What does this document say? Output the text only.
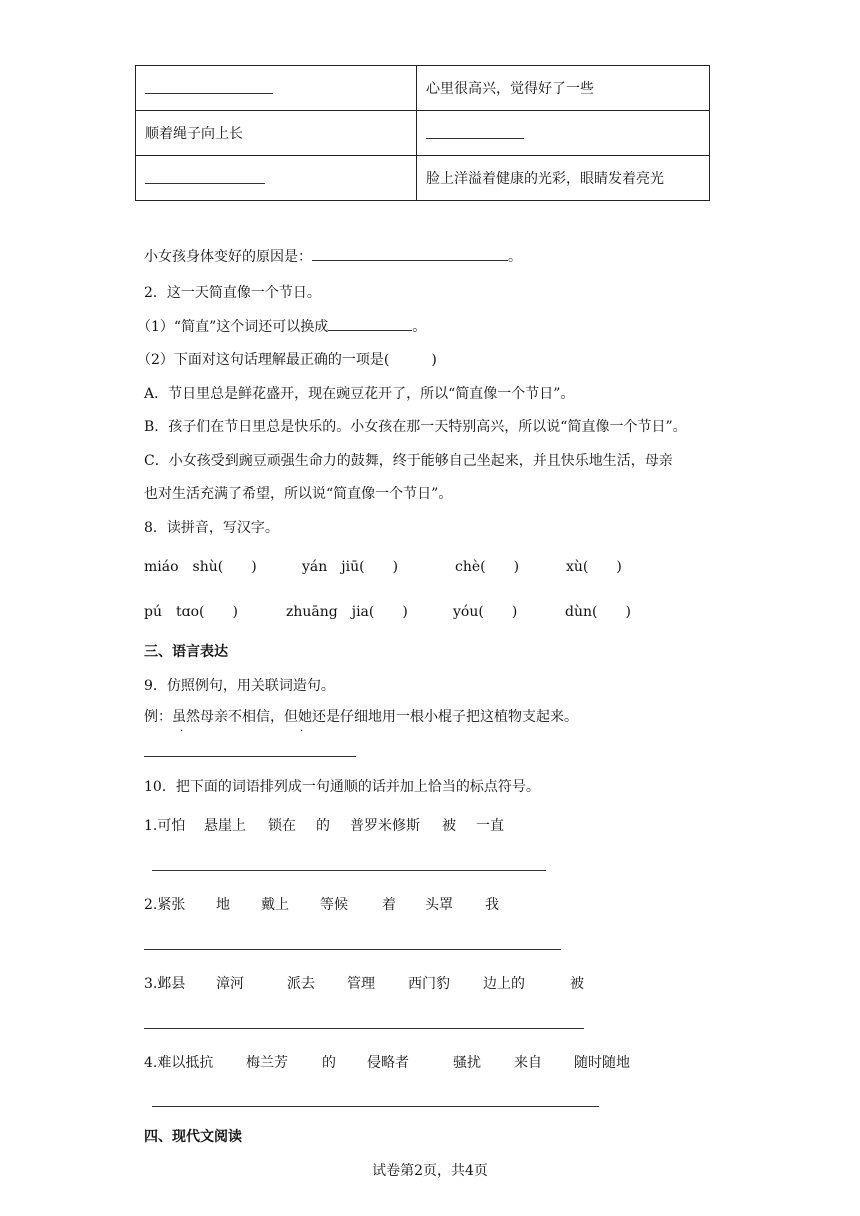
	心里很高兴，觉得好了一些
顺着绳子向上长	
	脸上洋溢着健康的光彩，眼睛发着亮光
小女孩身体变好的原因是：	。
2．这一天简直像一个节日。
（1）“简直”这个词还可以换成	。
（2）下面对这句话理解最正确的一项是(　　　)
A．节日里总是鲜花盛开，现在豌豆花开了，所以“简直像一个节日”。
B．孩子们在节日里总是快乐的。小女孩在那一天特别高兴，所以说“简直像一个节日”。
C．小女孩受到豌豆顽强生命力的鼓舞，终于能够自己坐起来，并且快乐地生活，母亲
也对生活充满了希望，所以说“简直像一个节日”。
8．读拼音，写汉字。
miáo　shù(　　)	yán　jiū(　　)	chè(　　)	xù(　　)
pú　tɑo(　　)	zhuāng　jia(　　)	yóu(　　)	dùn(　　)
三、语言表达
9．仿照例句，用关联词造句。
例：虽然母亲不相信，但她还是仔细地用一根小棍子把这植物支起来。
·	·
10．把下面的词语排列成一句通顺的话并加上恰当的标点符号。
1.可怕 悬崖上 锁在 的 普罗米修斯 被 一直
2.紧张 地 戴上 等候 着 头罩 我
3.邺县 漳河	派去 管理 西门豹 边上的	被
4.难以抵抗 梅兰芳 的 侵略者	骚扰 来自 随时随地
四、现代文阅读
试卷第2页，共4页
